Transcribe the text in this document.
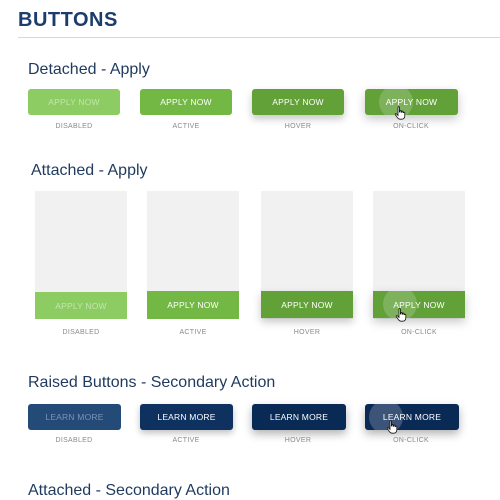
BUTTONS
Detached - Apply
APPLY NOW
DISABLED
APPLY NOW
ACTIVE
APPLY NOW
HOVER
APPLY NOW
ON-CLICK
Attached - Apply
APPLY NOW
DISABLED
APPLY NOW
ACTIVE
APPLY NOW
HOVER
APPLY NOW
ON-CLICK
Raised Buttons - Secondary Action
LEARN MORE
DISABLED
LEARN MORE
ACTIVE
LEARN MORE
HOVER
LEARN MORE
ON-CLICK
Attached - Secondary Action
